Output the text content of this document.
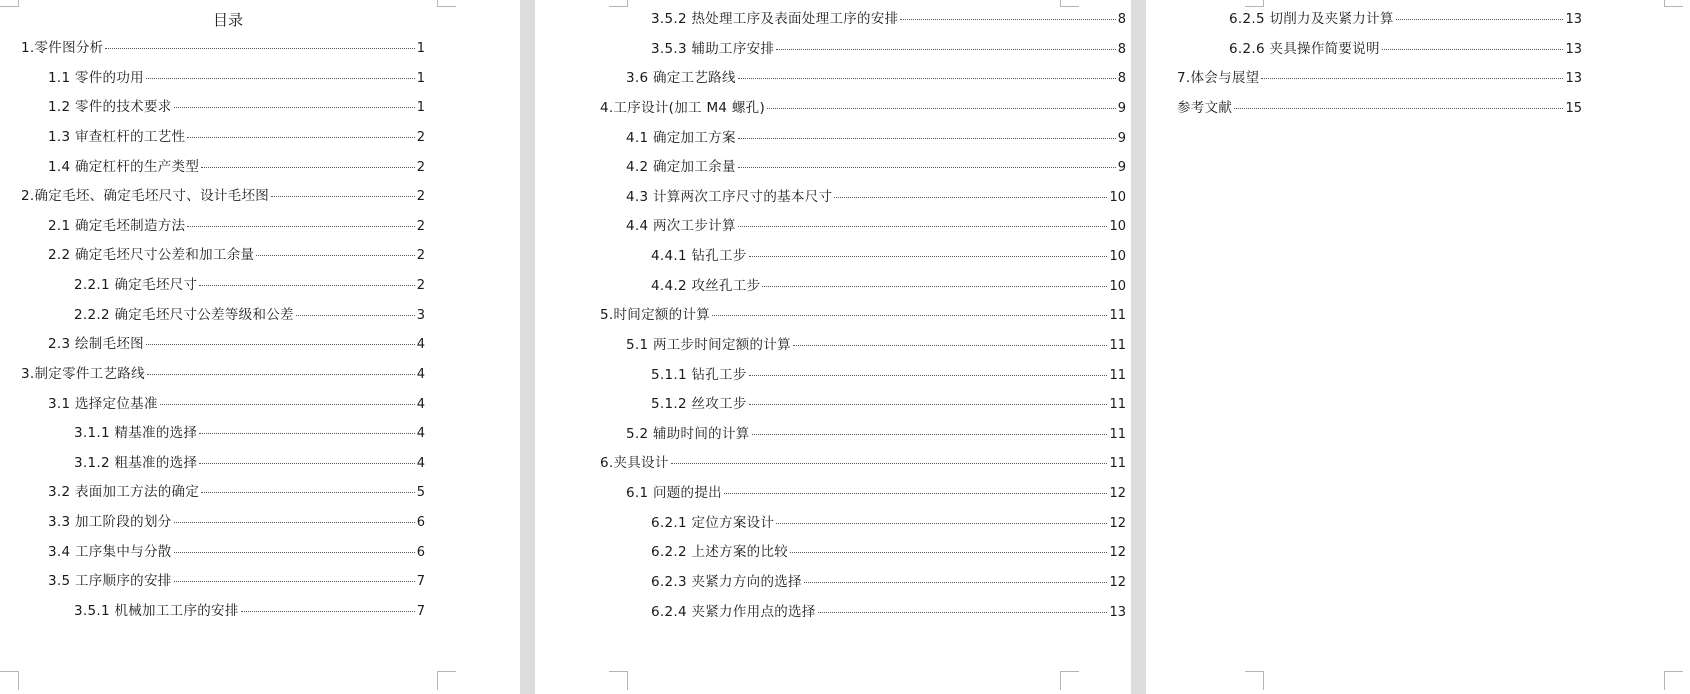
目录
1.零件图分析	1
1.1 零件的功用	1
1.2 零件的技术要求	1
1.3 审查杠杆的工艺性	2
1.4 确定杠杆的生产类型	2
2.确定毛坯、确定毛坯尺寸、设计毛坯图	2
2.1 确定毛坯制造方法	2
2.2 确定毛坯尺寸公差和加工余量	2
2.2.1 确定毛坯尺寸	2
2.2.2 确定毛坯尺寸公差等级和公差	3
2.3 绘制毛坯图	4
3.制定零件工艺路线	4
3.1 选择定位基准	4
3.1.1 精基准的选择	4
3.1.2 粗基准的选择	4
3.2 表面加工方法的确定	5
3.3 加工阶段的划分	6
3.4 工序集中与分散	6
3.5 工序顺序的安排	7
3.5.1 机械加工工序的安排	7
3.5.2 热处理工序及表面处理工序的安排	8
3.5.3 辅助工序安排	8
3.6 确定工艺路线	8
4.工序设计(加工 M4 螺孔)	9
4.1 确定加工方案	9
4.2 确定加工余量	9
4.3 计算两次工序尺寸的基本尺寸	10
4.4 两次工步计算	10
4.4.1 钻孔工步	10
4.4.2 攻丝孔工步	10
5.时间定额的计算	11
5.1 两工步时间定额的计算	11
5.1.1 钻孔工步	11
5.1.2 丝攻工步	11
5.2 辅助时间的计算	11
6.夹具设计	11
6.1 问题的提出	12
6.2.1 定位方案设计	12
6.2.2 上述方案的比较	12
6.2.3 夹紧力方向的选择	12
6.2.4 夹紧力作用点的选择	13
6.2.5 切削力及夹紧力计算	13
6.2.6 夹具操作简要说明	13
7.体会与展望	13
参考文献	15
